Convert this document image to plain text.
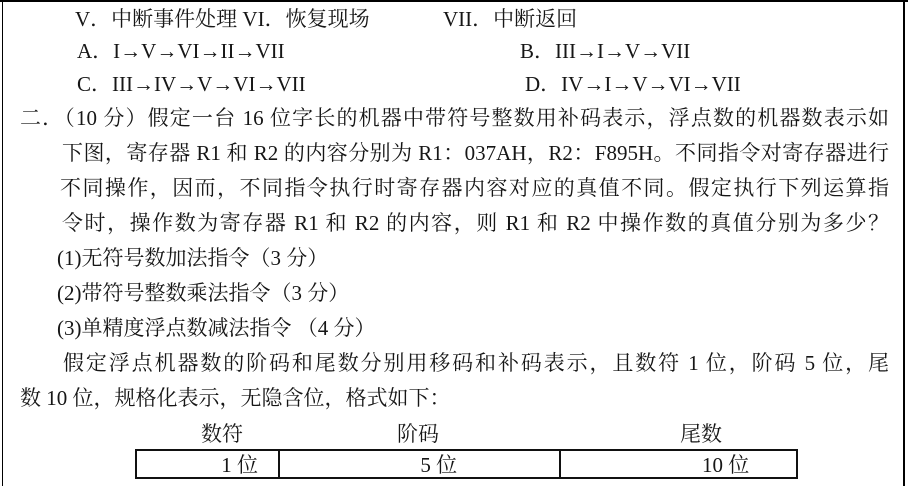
V．中断事件处理 VI．恢复现场	VII．中断返回
A．I→V→VI→II→VII	B．III→I→V→VII
C．III→IV→V→VI→VII	D．IV→I→V→VI→VII
二．（10 分）假定一台 16 位字长的机器中带符号整数用补码表示，浮点数的机器数表示如
下图，寄存器 R1 和 R2 的内容分别为 R1：037AH，R2：F895H。不同指令对寄存器进行
不同操作，因而，不同指令执行时寄存器内容对应的真值不同。假定执行下列运算指
令时，操作数为寄存器 R1 和 R2 的内容，则 R1 和 R2 中操作数的真值分别为多少？
(1)无符号数加法指令（3 分）
(2)带符号整数乘法指令（3 分）
(3)单精度浮点数减法指令 （4 分）
假定浮点机器数的阶码和尾数分别用移码和补码表示，且数符 1 位，阶码 5 位，尾
数 10 位，规格化表示，无隐含位，格式如下：
数符	阶码	尾数
1 位	5 位	10 位
